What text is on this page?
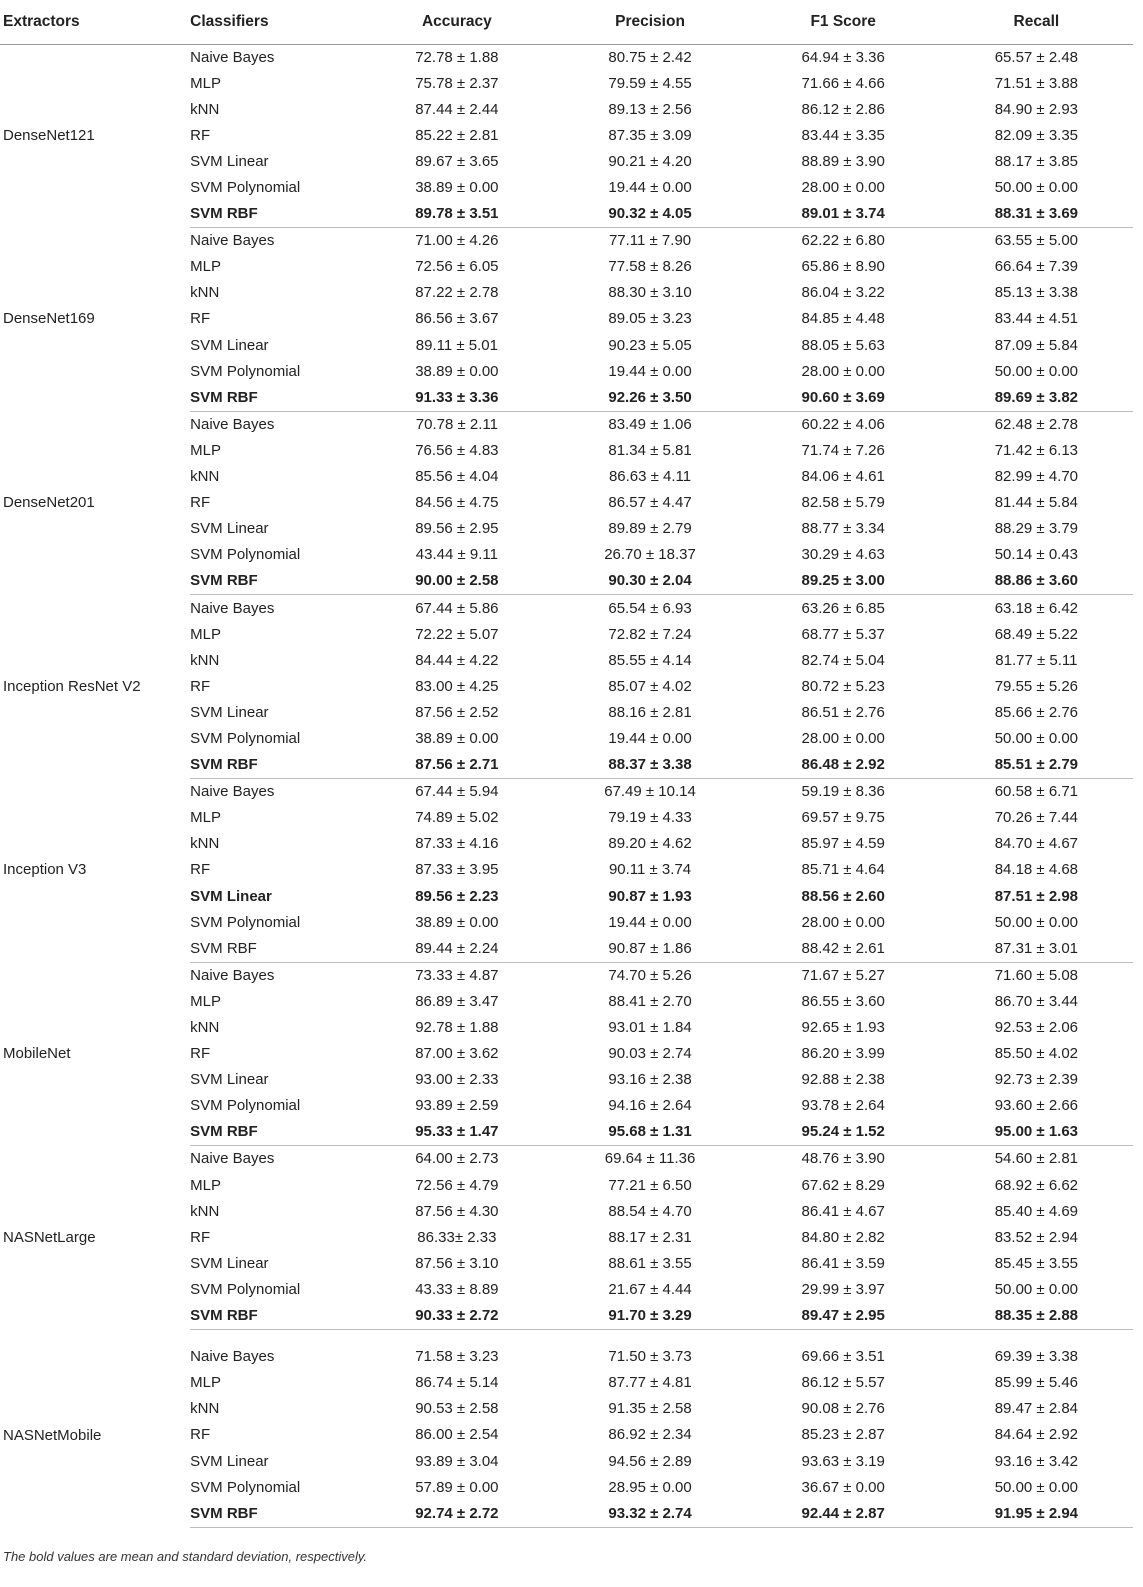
Extractors	Classifiers	Accuracy	Precision	F1 Score	Recall
DenseNet121	Naive Bayes	72.78 ± 1.88	80.75 ± 2.42	64.94 ± 3.36	65.57 ± 2.48
	MLP	75.78 ± 2.37	79.59 ± 4.55	71.66 ± 4.66	71.51 ± 3.88
	kNN	87.44 ± 2.44	89.13 ± 2.56	86.12 ± 2.86	84.90 ± 2.93
	RF	85.22 ± 2.81	87.35 ± 3.09	83.44 ± 3.35	82.09 ± 3.35
	SVM Linear	89.67 ± 3.65	90.21 ± 4.20	88.89 ± 3.90	88.17 ± 3.85
	SVM Polynomial	38.89 ± 0.00	19.44 ± 0.00	28.00 ± 0.00	50.00 ± 0.00
	SVM RBF	89.78 ± 3.51	90.32 ± 4.05	89.01 ± 3.74	88.31 ± 3.69
DenseNet169	Naive Bayes	71.00 ± 4.26	77.11 ± 7.90	62.22 ± 6.80	63.55 ± 5.00
	MLP	72.56 ± 6.05	77.58 ± 8.26	65.86 ± 8.90	66.64 ± 7.39
	kNN	87.22 ± 2.78	88.30 ± 3.10	86.04 ± 3.22	85.13 ± 3.38
	RF	86.56 ± 3.67	89.05 ± 3.23	84.85 ± 4.48	83.44 ± 4.51
	SVM Linear	89.11 ± 5.01	90.23 ± 5.05	88.05 ± 5.63	87.09 ± 5.84
	SVM Polynomial	38.89 ± 0.00	19.44 ± 0.00	28.00 ± 0.00	50.00 ± 0.00
	SVM RBF	91.33 ± 3.36	92.26 ± 3.50	90.60 ± 3.69	89.69 ± 3.82
DenseNet201	Naive Bayes	70.78 ± 2.11	83.49 ± 1.06	60.22 ± 4.06	62.48 ± 2.78
	MLP	76.56 ± 4.83	81.34 ± 5.81	71.74 ± 7.26	71.42 ± 6.13
	kNN	85.56 ± 4.04	86.63 ± 4.11	84.06 ± 4.61	82.99 ± 4.70
	RF	84.56 ± 4.75	86.57 ± 4.47	82.58 ± 5.79	81.44 ± 5.84
	SVM Linear	89.56 ± 2.95	89.89 ± 2.79	88.77 ± 3.34	88.29 ± 3.79
	SVM Polynomial	43.44 ± 9.11	26.70 ± 18.37	30.29 ± 4.63	50.14 ± 0.43
	SVM RBF	90.00 ± 2.58	90.30 ± 2.04	89.25 ± 3.00	88.86 ± 3.60
Inception ResNet V2	Naive Bayes	67.44 ± 5.86	65.54 ± 6.93	63.26 ± 6.85	63.18 ± 6.42
	MLP	72.22 ± 5.07	72.82 ± 7.24	68.77 ± 5.37	68.49 ± 5.22
	kNN	84.44 ± 4.22	85.55 ± 4.14	82.74 ± 5.04	81.77 ± 5.11
	RF	83.00 ± 4.25	85.07 ± 4.02	80.72 ± 5.23	79.55 ± 5.26
	SVM Linear	87.56 ± 2.52	88.16 ± 2.81	86.51 ± 2.76	85.66 ± 2.76
	SVM Polynomial	38.89 ± 0.00	19.44 ± 0.00	28.00 ± 0.00	50.00 ± 0.00
	SVM RBF	87.56 ± 2.71	88.37 ± 3.38	86.48 ± 2.92	85.51 ± 2.79
Inception V3	Naive Bayes	67.44 ± 5.94	67.49 ± 10.14	59.19 ± 8.36	60.58 ± 6.71
	MLP	74.89 ± 5.02	79.19 ± 4.33	69.57 ± 9.75	70.26 ± 7.44
	kNN	87.33 ± 4.16	89.20 ± 4.62	85.97 ± 4.59	84.70 ± 4.67
	RF	87.33 ± 3.95	90.11 ± 3.74	85.71 ± 4.64	84.18 ± 4.68
	SVM Linear	89.56 ± 2.23	90.87 ± 1.93	88.56 ± 2.60	87.51 ± 2.98
	SVM Polynomial	38.89 ± 0.00	19.44 ± 0.00	28.00 ± 0.00	50.00 ± 0.00
	SVM RBF	89.44 ± 2.24	90.87 ± 1.86	88.42 ± 2.61	87.31 ± 3.01
MobileNet	Naive Bayes	73.33 ± 4.87	74.70 ± 5.26	71.67 ± 5.27	71.60 ± 5.08
	MLP	86.89 ± 3.47	88.41 ± 2.70	86.55 ± 3.60	86.70 ± 3.44
	kNN	92.78 ± 1.88	93.01 ± 1.84	92.65 ± 1.93	92.53 ± 2.06
	RF	87.00 ± 3.62	90.03 ± 2.74	86.20 ± 3.99	85.50 ± 4.02
	SVM Linear	93.00 ± 2.33	93.16 ± 2.38	92.88 ± 2.38	92.73 ± 2.39
	SVM Polynomial	93.89 ± 2.59	94.16 ± 2.64	93.78 ± 2.64	93.60 ± 2.66
	SVM RBF	95.33 ± 1.47	95.68 ± 1.31	95.24 ± 1.52	95.00 ± 1.63
NASNetLarge	Naive Bayes	64.00 ± 2.73	69.64 ± 11.36	48.76 ± 3.90	54.60 ± 2.81
	MLP	72.56 ± 4.79	77.21 ± 6.50	67.62 ± 8.29	68.92 ± 6.62
	kNN	87.56 ± 4.30	88.54 ± 4.70	86.41 ± 4.67	85.40 ± 4.69
	RF	86.33± 2.33	88.17 ± 2.31	84.80 ± 2.82	83.52 ± 2.94
	SVM Linear	87.56 ± 3.10	88.61 ± 3.55	86.41 ± 3.59	85.45 ± 3.55
	SVM Polynomial	43.33 ± 8.89	21.67 ± 4.44	29.99 ± 3.97	50.00 ± 0.00
	SVM RBF	90.33 ± 2.72	91.70 ± 3.29	89.47 ± 2.95	88.35 ± 2.88

NASNetMobile	Naive Bayes	71.58 ± 3.23	71.50 ± 3.73	69.66 ± 3.51	69.39 ± 3.38
	MLP	86.74 ± 5.14	87.77 ± 4.81	86.12 ± 5.57	85.99 ± 5.46
	kNN	90.53 ± 2.58	91.35 ± 2.58	90.08 ± 2.76	89.47 ± 2.84
	RF	86.00 ± 2.54	86.92 ± 2.34	85.23 ± 2.87	84.64 ± 2.92
	SVM Linear	93.89 ± 3.04	94.56 ± 2.89	93.63 ± 3.19	93.16 ± 3.42
	SVM Polynomial	57.89 ± 0.00	28.95 ± 0.00	36.67 ± 0.00	50.00 ± 0.00
	SVM RBF	92.74 ± 2.72	93.32 ± 2.74	92.44 ± 2.87	91.95 ± 2.94
The bold values are mean and standard deviation, respectively.
